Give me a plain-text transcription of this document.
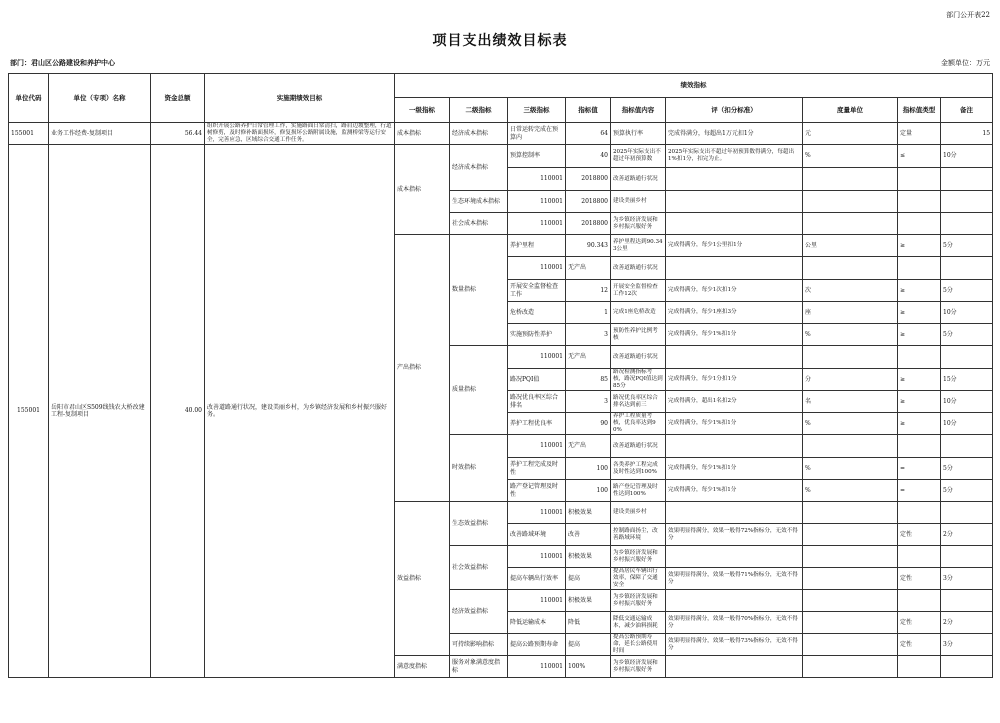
部门公开表22
项目支出绩效目标表
部门：君山区公路建设和养护中心	金额单位：万元
单位代码	单位（专项）名称	资金总额	实施期绩效目标	绩效指标								
				一级指标	二级指标	三级指标	指标值	指标值内容	评（扣分标准）	度量单位	指标值类型	备注
155001	业务工作经费-复制项目	56.44	组织开展公路养护日常管理工作，实施路面日常清扫，路肩边坡整理，行道树修剪，及时修补路面损坏，修复损坏公路附属设施，监测桥梁等运行安全，完善应急，区域综合交通工作任务。	成本指标	经济成本指标	日常运转完成在预算内	64	预算执行率	完成得满分，每超出1万元扣1分	元	定量	15
155001	岳阳市君山区S509线钱农大桥改建工程-复制项目	40.00	改善道路通行状况，建设美丽乡村，为乡镇经济发展和乡村振兴服好务。	成本指标	经济成本指标	预算控制率	40	2025年实际支出不超过年初预算数	2025年实际支出不超过年初预算数得满分，每超出1%扣1分，扣完为止。	%	≤	10分
						110001	2018800	改善道路通行状况				
					生态环境成本指标	110001	2018800	建设美丽乡村				
					社会成本指标	110001	2018800	为乡镇经济发展和乡村振兴服好务				
				产出指标	数量指标	养护里程	90.343	养护里程达到90.343公里	完成得满分，每少1公里扣1分	公里	≥	5分
						110001	无产出	改善道路通行状况				
						开展安全监督检查工作	12	开展安全监督检查工作12次	完成得满分，每少1次扣1分	次	≥	5分
						危桥改造	1	完成1座危桥改造	完成得满分，每少1座扣3分	座	≥	10分
						实施预防性养护	3	预防性养护比例考核	完成得满分，每少1%扣1分	%	≥	5分
					质量指标	110001	无产出	改善道路通行状况				
						路况PQI值	85	路况检测指标考核，路况PQI值达到85分	完成得满分，每少1分扣1分	分	≥	15分
						路况优良率区综合排名	3	路况优良率区综合排名达到前三	完成得满分，超出1名扣2分	名	≥	10分
						养护工程优良率	90	养护工程质量考核，优良率达到90%	完成得满分，每少1%扣1分	%	≥	10分
					时效指标	110001	无产出	改善道路通行状况				
						养护工程完成及时性	100	各类养护工程完成及时性达到100%	完成得满分，每少1%扣1分	%	=	5分
						路产登记管理及时性	100	路产登记管理及时性达到100%	完成得满分，每少1%扣1分	%	=	5分
				效益指标	生态效益指标	110001	积极效果	建设美丽乡村				
						改善路域环境	改善	控制路面扬尘，改善路域环境	效果明显得满分，效果一般得72%指标分，无效不得分		定性	2分
					社会效益指标	110001	积极效果	为乡镇经济发展和乡村振兴服好务				
						提高车辆出行效率	提高	提高居民车辆出行效率，保障了交通安全	效果明显得满分，效果一般得71%指标分，无效不得分		定性	3分
					经济效益指标	110001	积极效果	为乡镇经济发展和乡村振兴服好务				
						降低运输成本	降低	降低交通运输成本，减少油料损耗	效果明显得满分，效果一般得70%指标分，无效不得分		定性	2分
					可持续影响指标	提高公路预期寿命	提高	提高公路预期寿命，延长公路使用时间	效果明显得满分，效果一般得73%指标分，无效不得分		定性	3分
				满意度指标	服务对象满意度指标	110001	100%	为乡镇经济发展和乡村振兴服好务				
